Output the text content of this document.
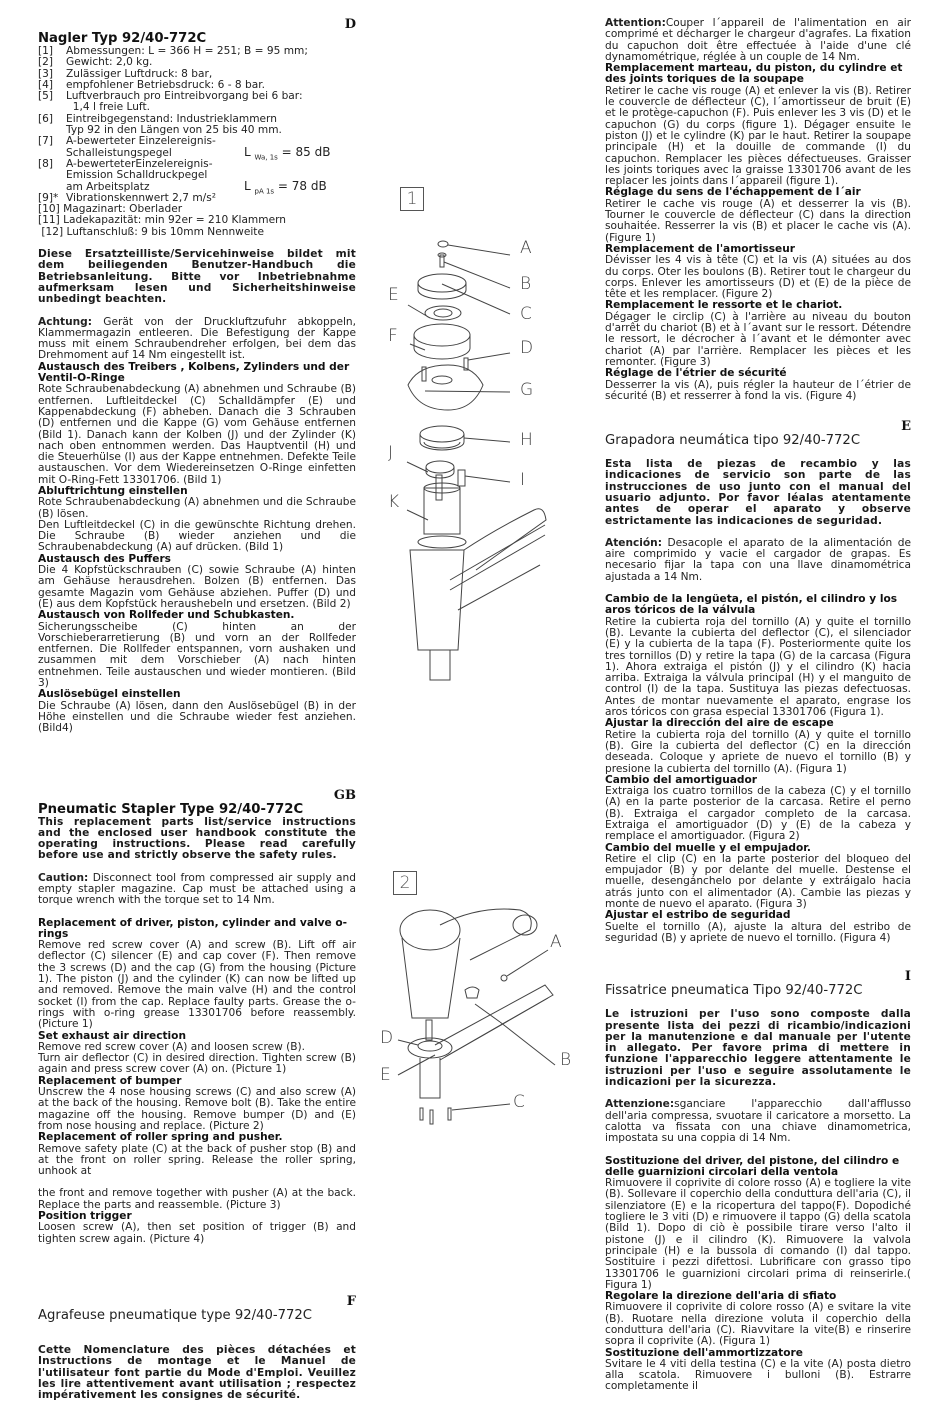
D
Nagler Typ 92/40-772C
[1]	Abmessungen: L = 366 H = 251; B = 95 mm;
[2]	Gewicht: 2,0 kg.
[3]	Zulässiger Luftdruck: 8 bar,
[4]	empfohlener Betriebsdruck: 6 - 8 bar.
[5]	Luftverbrauch pro Eintreibvorgang bei 6 bar:
1,4 l freie Luft.
[6]	Eintreibgegenstand: Industrieklammern
Typ 92 in den Längen von 25 bis 40 mm.
[7]	A-bewerteter Einzelereignis-
Schalleistungspegel	L $_{Wa, 1s}$ = 85 dB
[8]	A-bewerteterEinzelereignis-
Emission Schalldruckpegel
am Arbeitsplatz	L $_{pA 1s}$ = 78 dB
[9]* Vibrationskennwert 2,7 m/s²
[10] Magazinart: Oberlader
[11] Ladekapazität: min 92er = 210 Klammern
[12] Luftanschluß: 9 bis 10mm Nennweite

Diese Ersatzteilliste/Servicehinweise bildet mit dem beiliegenden Benutzer-Handbuch die Betriebsanleitung. Bitte vor Inbetriebnahme aufmerksam lesen und Sicherheitshinweise unbedingt beachten.

Achtung: Gerät von der Druckluftzufuhr abkoppeln, Klammermagazin entleeren. Die Befestigung der Kappe muss mit einem Schraubendreher erfolgen, bei dem das Drehmoment auf 14 Nm eingestellt ist.

Austausch des Treibers , Kolbens, Zylinders und der Ventil-O-Ringe

Rote Schraubenabdeckung (A) abnehmen und Schraube (B) entfernen. Luftleitdeckel (C) Schalldämpfer (E) und Kappenabdeckung (F) abheben. Danach die 3 Schrauben (D) entfernen und die Kappe (G) vom Gehäuse entfernen (Bild 1). Danach kann der Kolben (J) und der Zylinder (K) nach oben entnommen werden. Das Hauptventil (H) und die Steuerhülse (I) aus der Kappe entnehmen. Defekte Teile austauschen. Vor dem Wiedereinsetzen O-Ringe einfetten mit O-Ring-Fett 13301706. (Bild 1)

Abluftrichtung einstellen

Rote Schraubenabdeckung (A) abnehmen und die Schraube (B) lösen.

Den Luftleitdeckel (C) in die gewünschte Richtung drehen. Die Schraube (B) wieder anziehen und die Schraubenabdeckung (A) auf drücken. (Bild 1)

Austausch des Puffers

Die 4 Kopfstückschrauben (C) sowie Schraube (A) hinten am Gehäuse herausdrehen. Bolzen (B) entfernen. Das gesamte Magazin vom Gehäuse abziehen. Puffer (D) und (E) aus dem Kopfstück heraushebeln und ersetzen. (Bild 2)

Austausch von Rollfeder und Schubkasten.

Sicherungsscheibe (C) hinten an der Vorschieberarretierung (B) und vorn an der Rollfeder entfernen. Die Rollfeder entspannen, vorn aushaken und zusammen mit dem Vorschieber (A) nach hinten entnehmen. Teile austauschen und wieder montieren. (Bild 3)

Auslösebügel einstellen

Die Schraube (A) lösen, dann den Auslösebügel (B) in der Höhe einstellen und die Schraube wieder fest anziehen. (Bild4)

GB
Pneumatic Stapler Type 92/40-772C

This replacement parts list/service instructions and the enclosed user handbook constitute the operating instructions. Please read carefully before use and strictly observe the safety rules.

Caution: Disconnect tool from compressed air supply and empty stapler magazine. Cap must be attached using a torque wrench with the torque set to 14 Nm.

Replacement of driver, piston, cylinder and valve o-rings

Remove red screw cover (A) and screw (B). Lift off air deflector (C) silencer (E) and cap cover (F). Then remove the 3 screws (D) and the cap (G) from the housing (Picture 1). The piston (J) and the cylinder (K) can now be lifted up and removed. Remove the main valve (H) and the control socket (I) from the cap. Replace faulty parts. Grease the o-rings with o-ring grease 13301706 before reassembly. (Picture 1)

Set exhaust air direction

Remove red screw cover (A) and loosen screw (B).

Turn air deflector (C) in desired direction. Tighten screw (B) again and press screw cover (A) on. (Picture 1)

Replacement of bumper

Unscrew the 4 nose housing screws (C) and also screw (A) at the back of the housing. Remove bolt (B). Take the entire magazine off the housing. Remove bumper (D) and (E) from nose housing and replace. (Picture 2)

Replacement of roller spring and pusher.

Remove safety plate (C) at the back of pusher stop (B) and at the front on roller spring. Release the roller spring, unhook at

the front and remove together with pusher (A) at the back. Replace the parts and reassemble. (Picture 3)

Position trigger

Loosen screw (A), then set position of trigger (B) and tighten screw again. (Picture 4)

F
Agrafeuse pneumatique type 92/40-772C

Cette Nomenclature des pièces détachées et Instructions de montage et le Manuel de l'utilisateur font partie du Mode d'Emploi. Veuillez les lire attentivement avant utilisation ; respectez impérativement les consignes de sécurité.

Attention:Couper l´appareil de l'alimentation en air comprimé et décharger le chargeur d'agrafes. La fixation du capuchon doit être effectuée à l'aide d'une clé dynamométrique, réglée à un couple de 14 Nm.

Remplacement marteau, du piston, du cylindre et des joints toriques de la soupape

Retirer le cache vis rouge (A) et enlever la vis (B). Retirer le couvercle de déflecteur (C), l´amortisseur de bruit (E) et le protège-capuchon (F). Puis enlever les 3 vis (D) et le capuchon (G) du corps (figure 1). Dégager ensuite le piston (J) et le cylindre (K) par le haut. Retirer la soupape principale (H) et la douille de commande (I) du capuchon. Remplacer les pièces défectueuses. Graisser les joints toriques avec la graisse 13301706 avant de les replacer les joints dans l´appareil (figure 1).

Réglage du sens de l'échappement de l´air

Retirer le cache vis rouge (A) et desserrer la vis (B). Tourner le couvercle de déflecteur (C) dans la direction souhaitée. Resserrer la vis (B) et placer le cache vis (A). (Figure 1)

Remplacement de l'amortisseur

Dévisser les 4 vis à tête (C) et la vis (A) situées au dos du corps. Oter les boulons (B). Retirer tout le chargeur du corps. Enlever les amortisseurs (D) et (E) de la pièce de tête et les remplacer. (Figure 2)

Remplacement le ressorte et le chariot.

Dégager le circlip (C) à l'arrière au niveau du bouton d'arrêt du chariot (B) et à l´avant sur le ressort. Détendre le ressort, le décrocher à l´avant et le démonter avec chariot (A) par l'arrière. Remplacer les pièces et les remonter. (Figure 3)

Réglage de l'étrier de sécurité

Desserrer la vis (A), puis régler la hauteur de l´étrier de sécurité (B) et resserrer à fond la vis. (Figure 4)

E
Grapadora neumática tipo 92/40-772C

Esta lista de piezas de recambio y las indicaciones de servicio son parte de las instrucciones de uso junto con el manual del usuario adjunto. Por favor léalas atentamente antes de operar el aparato y observe estrictamente las indicaciones de seguridad.

Atención: Desacople el aparato de la alimentación de aire comprimido y vacie el cargador de grapas. Es necesario fijar la tapa con una llave dinamométrica ajustada a 14 Nm.

Cambio de la lengüeta, el pistón, el cilindro y los aros tóricos de la válvula

Retire la cubierta roja del tornillo (A) y quite el tornillo (B). Levante la cubierta del deflector (C), el silenciador (E) y la cubierta de la tapa (F). Posteriormente quite los tres tornillos (D) y retire la tapa (G) de la carcasa (Figura 1). Ahora extraiga el pistón (J) y el cilindro (K) hacia arriba. Extraiga la válvula principal (H) y el manguito de control (I) de la tapa. Sustituya las piezas defectuosas. Antes de montar nuevamente el aparato, engrase los aros tóricos con grasa especial 13301706 (Figura 1).

Ajustar la dirección del aire de escape

Retire la cubierta roja del tornillo (A) y quite el tornillo (B). Gire la cubierta del deflector (C) en la dirección deseada. Coloque y apriete de nuevo el tornillo (B) y presione la cubierta del tornillo (A). (Figura 1)

Cambio del amortiguador

Extraiga los cuatro tornillos de la cabeza (C) y el tornillo (A) en la parte posterior de la carcasa. Retire el perno (B). Extraiga el cargador completo de la carcasa. Extraiga el amortiguador (D) y (E) de la cabeza y remplace el amortiguador. (Figura 2)

Cambio del muelle y el empujador.

Retire el clip (C) en la parte posterior del bloqueo del empujador (B) y por delante del muelle. Destense el muelle, desengánchelo por delante y extráigalo hacia atrás junto con el alimentador (A). Cambie las piezas y monte de nuevo el aparato. (Figura 3)

Ajustar el estribo de seguridad

Suelte el tornillo (A), ajuste la altura del estribo de seguridad (B) y apriete de nuevo el tornillo. (Figura 4)

I
Fissatrice pneumatica Tipo 92/40-772C

Le istruzioni per l'uso sono composte dalla presente lista dei pezzi di ricambio/indicazioni per la manutenzione e dal manuale per l'utente in allegato. Per favore prima di mettere in funzione l'apparecchio leggere attentamente le istruzioni per l'uso e seguire assolutamente le indicazioni per la sicurezza.

Attenzione:sganciare l'apparecchio dall'afflusso dell'aria compressa, svuotare il caricatore a morsetto. La calotta va fissata con una chiave dinamometrica, impostata su una coppia di 14 Nm.

Sostituzione del driver, del pistone, del cilindro e delle guarnizioni circolari della ventola

Rimuovere il coprivite di colore rosso (A) e togliere la vite (B). Sollevare il coperchio della conduttura dell'aria (C), il silenziatore (E) e la ricopertura del tappo(F). Dopodiché togliere le 3 viti (D) e rimuovere il tappo (G) della scatola (Bild 1). Dopo di ciò è possibile tirare verso l'alto il pistone (J) e il cilindro (K). Rimuovere la valvola principale (H) e la bussola di comando (I) dal tappo. Sostituire i pezzi difettosi. Lubrificare con grasso tipo 13301706 le guarnizioni circolari prima di reinserirle.( Figura 1)

Regolare la direzione dell'aria di sfiato

Rimuovere il coprivite di colore rosso (A) e svitare la vite (B). Ruotare nella direzione voluta il coperchio della conduttura dell'aria (C). Riavvitare la vite(B) e rinserire sopra il coprivite (A). (Figura 1)

Sostituzione dell'ammortizzatore

Svitare le 4 viti della testina (C) e la vite (A) posta dietro alla scatola. Rimuovere i bulloni (B). Estrarre completamente il

1
A
B
C
D
E
F
G
H
I
J
K
2
A
B
C
D
E
